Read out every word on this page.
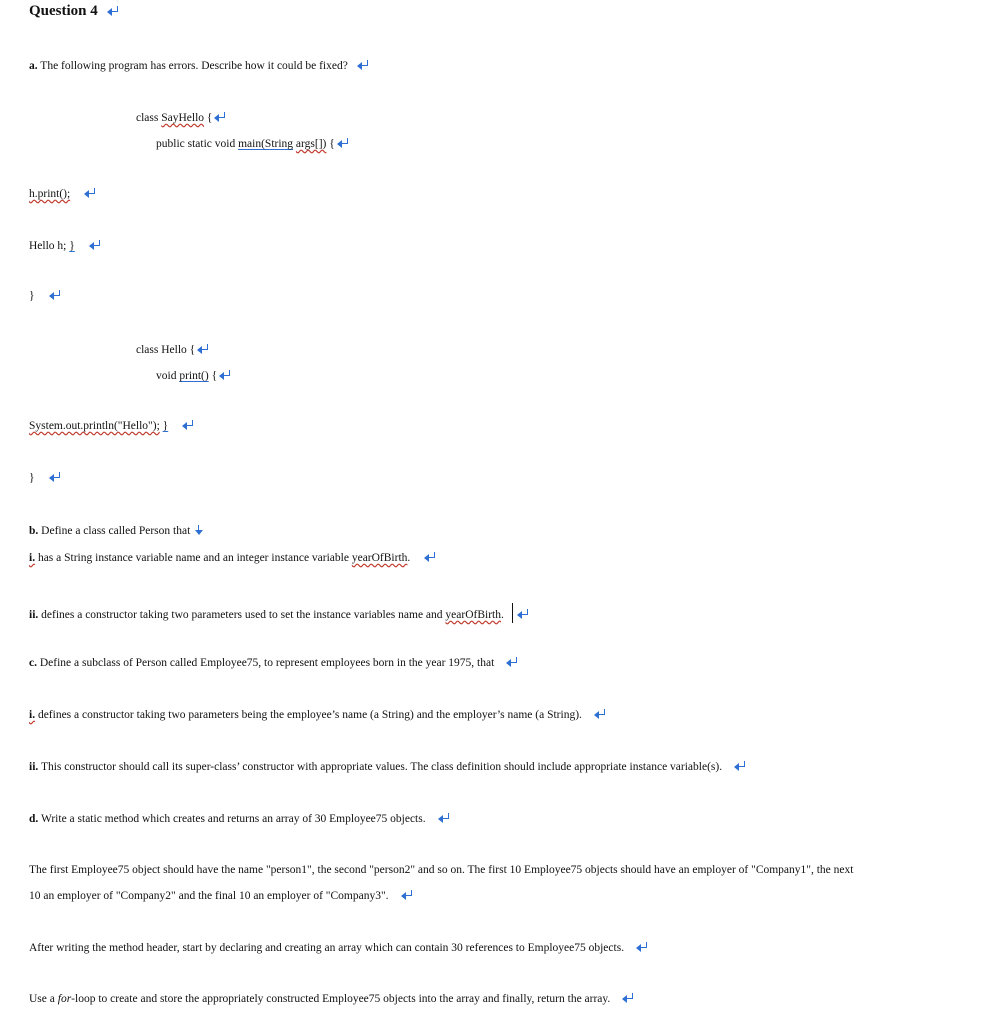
Question 4
a. The following program has errors. Describe how it could be fixed?
class SayHello {
public static void main(String args[]) {
h.print();
Hello h; }
}
class Hello {
void print() {
System.out.println("Hello"); }
}
b. Define a class called Person that
i. has a String instance variable name and an integer instance variable yearOfBirth.
ii. defines a constructor taking two parameters used to set the instance variables name and yearOfBirth.
c. Define a subclass of Person called Employee75, to represent employees born in the year 1975, that
i. defines a constructor taking two parameters being the employee’s name (a String) and the employer’s name (a String).
ii. This constructor should call its super-class’ constructor with appropriate values. The class definition should include appropriate instance variable(s).
d. Write a static method which creates and returns an array of 30 Employee75 objects.
The first Employee75 object should have the name "person1", the second "person2" and so on. The first 10 Employee75 objects should have an employer of "Company1", the next
10 an employer of "Company2" and the final 10 an employer of "Company3".
After writing the method header, start by declaring and creating an array which can contain 30 references to Employee75 objects.
Use a for-loop to create and store the appropriately constructed Employee75 objects into the array and finally, return the array.
